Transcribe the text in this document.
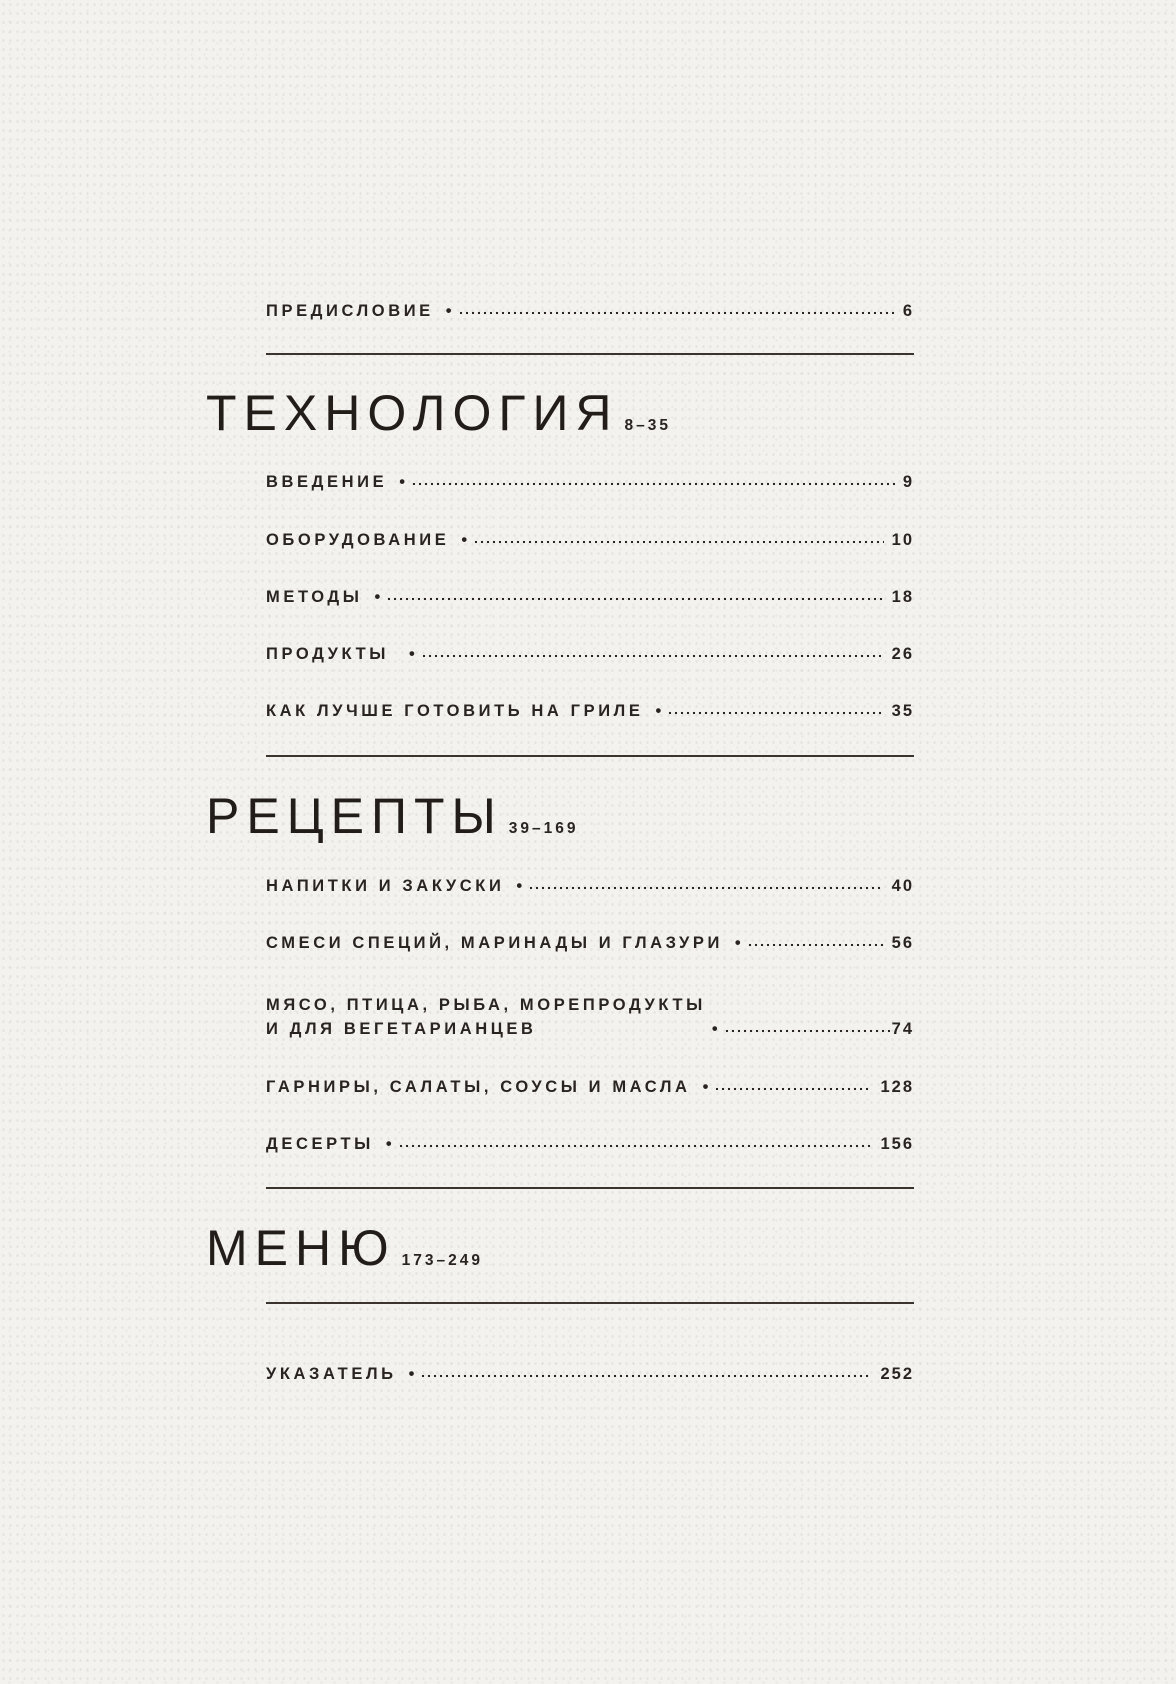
ПРЕДИСЛОВИЕ •	6
ТЕХНОЛОГИЯ 8–35
ВВЕДЕНИЕ •	9
ОБОРУДОВАНИЕ •	10
МЕТОДЫ •	18
ПРОДУКТЫ •	26
КАК ЛУЧШЕ ГОТОВИТЬ НА ГРИЛЕ •	35
РЕЦЕПТЫ 39–169
НАПИТКИ И ЗАКУСКИ •	40
СМЕСИ СПЕЦИЙ, МАРИНАДЫ И ГЛАЗУРИ •	56
МЯСО, ПТИЦА, РЫБА, МОРЕПРОДУКТЫ
И ДЛЯ ВЕГЕТАРИАНЦЕВ	•	74
ГАРНИРЫ, САЛАТЫ, СОУСЫ И МАСЛА •	128
ДЕСЕРТЫ •	156
МЕНЮ 173–249
УКАЗАТЕЛЬ •	252
